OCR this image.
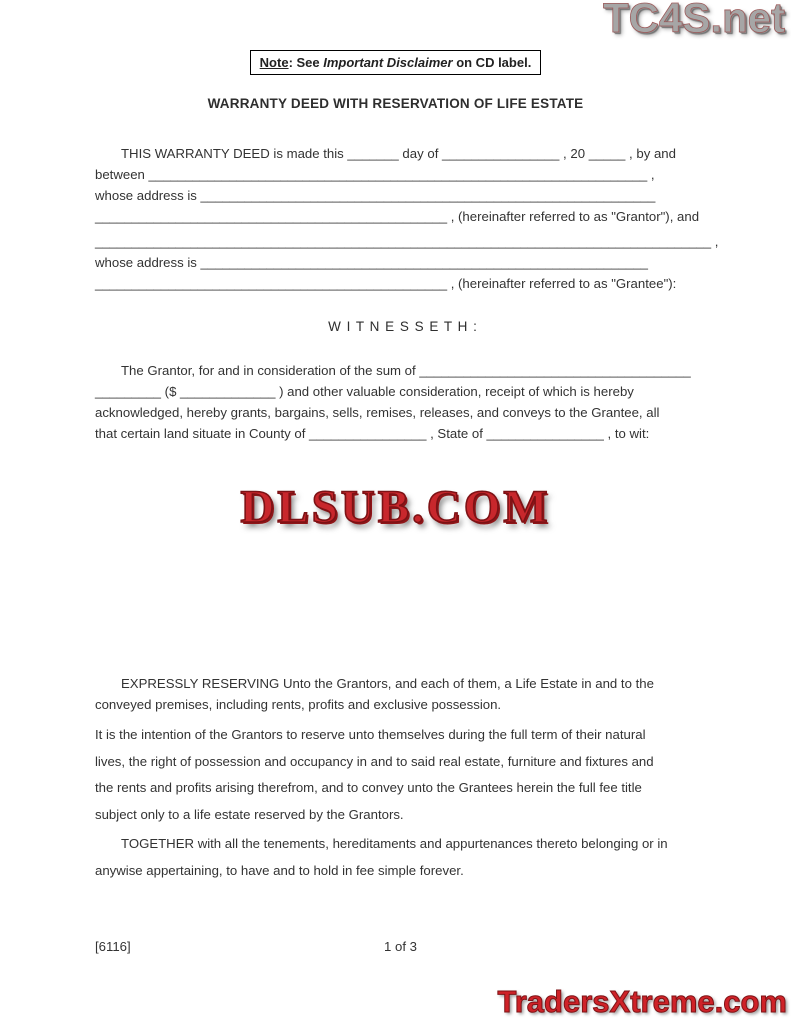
TC4S.net
Note: See Important Disclaimer on CD label.
WARRANTY DEED WITH RESERVATION OF LIFE ESTATE
THIS WARRANTY DEED is made this _______ day of ________________ , 20 _____ , by and
between ____________________________________________________________________ ,
whose address is ______________________________________________________________
________________________________________________ , (hereinafter referred to as "Grantor"), and
____________________________________________________________________________________ ,
whose address is _____________________________________________________________
________________________________________________ , (hereinafter referred to as "Grantee"):
W I T N E S S E T H :
The Grantor, for and in consideration of the sum of _____________________________________
_________ ($ _____________ ) and other valuable consideration, receipt of which is hereby
acknowledged, hereby grants, bargains, sells, remises, releases, and conveys to the Grantee, all
that certain land situate in County of ________________ , State of ________________ , to wit:
EXPRESSLY RESERVING Unto the Grantors, and each of them, a Life Estate in and to the
conveyed premises, including rents, profits and exclusive possession.
It is the intention of the Grantors to reserve unto themselves during the full term of their natural
lives, the right of possession and occupancy in and to said real estate, furniture and fixtures and
the rents and profits arising therefrom, and to convey unto the Grantees herein the full fee title
subject only to a life estate reserved by the Grantors.
TOGETHER with all the tenements, hereditaments and appurtenances thereto belonging or in
anywise appertaining, to have and to hold in fee simple forever.
DLSUB.COM
[6116]	1 of 3
TradersXtreme.com
